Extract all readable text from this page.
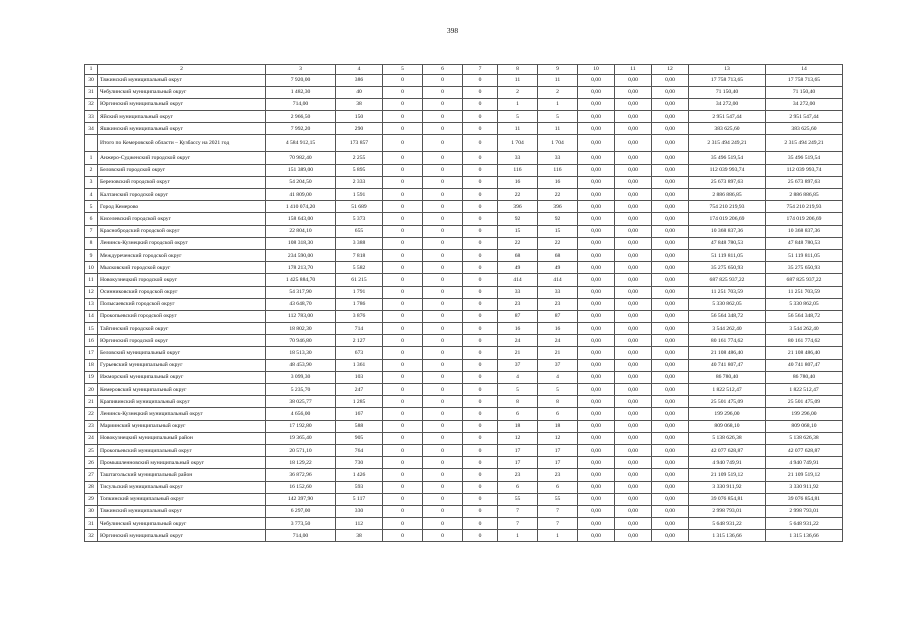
398
1	2	3	4	5	6	7	8	9	10	11	12	13	14
30	Тяжинский муниципальный округ	7 920,00	386	0	0	0	11	11	0,00	0,00	0,00	17 758 713,65	17 758 713,65
31	Чебулинский муниципальный округ	1 482,30	40	0	0	0	2	2	0,00	0,00	0,00	71 150,40	71 150,40
32	Юргинский муниципальный округ	714,00	38	0	0	0	1	1	0,00	0,00	0,00	34 272,00	34 272,00
33	Яйский муниципальный округ	2 966,50	150	0	0	0	5	5	0,00	0,00	0,00	2 951 547,44	2 951 547,44
34	Яшкинский муниципальный округ	7 992,20	290	0	0	0	11	11	0,00	0,00	0,00	383 625,60	383 625,60
	Итого по Кемеровской области – Кузбассу на 2021 год	4 584 912,15	173 857	0	0	0	1 704	1 704	0,00	0,00	0,00	2 315 494 249,21	2 315 494 249,21
1	Анжеро-Судженский городской округ	70 982,40	2 255	0	0	0	33	33	0,00	0,00	0,00	35 496 519,54	35 496 519,54
2	Беловский городской округ	151 389,00	5 895	0	0	0	116	116	0,00	0,00	0,00	112 039 993,74	112 039 993,74
3	Березовский городской округ	54 204,50	2 333	0	0	0	16	16	0,00	0,00	0,00	25 673 897,63	25 673 897,63
4	Калтанский городской округ	41 809,00	1 591	0	0	0	22	22	0,00	0,00	0,00	2 886 886,85	2 886 886,85
5	Город Кемерово	1 410 074,20	51 689	0	0	0	396	396	0,00	0,00	0,00	754 210 219,93	754 210 219,93
6	Киселевский городской округ	158 643,00	5 373	0	0	0	92	92	0,00	0,00	0,00	174 019 206,69	174 019 206,69
7	Краснобродский городской округ	22 804,10	655	0	0	0	15	15	0,00	0,00	0,00	10 368 837,36	10 368 837,36
8	Ленинск-Кузнецкий городской округ	108 318,30	3 388	0	0	0	22	22	0,00	0,00	0,00	47 848 780,53	47 848 780,53
9	Междуреченский городской округ	234 590,00	7 818	0	0	0	68	68	0,00	0,00	0,00	51 119 811,05	51 119 811,05
10	Мысковский городской округ	178 213,70	5 582	0	0	0	49	49	0,00	0,00	0,00	35 275 650,93	35 275 650,93
11	Новокузнецкий городской округ	1 425 884,70	61 215	0	0	0	414	414	0,00	0,00	0,00	687 825 937,22	687 825 937,22
12	Осинниковский городской округ	54 317,90	1 791	0	0	0	33	33	0,00	0,00	0,00	11 251 703,59	11 251 703,59
13	Полысаевский городской округ	43 648,70	1 786	0	0	0	23	23	0,00	0,00	0,00	5 330 862,05	5 330 862,05
14	Прокопьевский городской округ	112 783,00	3 876	0	0	0	87	87	0,00	0,00	0,00	56 564 348,72	56 564 348,72
15	Тайгинский городской округ	18 802,30	714	0	0	0	16	16	0,00	0,00	0,00	3 544 262,40	3 544 262,40
16	Юргинский городской округ	70 946,80	2 127	0	0	0	24	24	0,00	0,00	0,00	80 161 774,62	80 161 774,62
17	Беловский муниципальный округ	18 513,30	673	0	0	0	21	21	0,00	0,00	0,00	21 108 486,40	21 108 486,40
18	Гурьевский муниципальный округ	48 453,90	1 361	0	0	0	37	37	0,00	0,00	0,00	40 741 807,47	40 741 807,47
19	Ижморский муниципальный округ	3 099,30	103	0	0	0	4	4	0,00	0,00	0,00	86 780,40	86 780,40
20	Кемеровский муниципальный округ	5 235,70	247	0	0	0	5	5	0,00	0,00	0,00	1 822 512,47	1 822 512,47
21	Крапивинский муниципальный округ	38 025,77	1 285	0	0	0	8	8	0,00	0,00	0,00	25 501 475,09	25 501 475,09
22	Ленинск-Кузнецкий муниципальный округ	4 656,00	167	0	0	0	6	6	0,00	0,00	0,00	199 296,00	199 296,00
23	Мариинский муниципальный округ	17 192,80	588	0	0	0	18	18	0,00	0,00	0,00	809 068,10	809 068,10
24	Новокузнецкий муниципальный район	19 365,40	905	0	0	0	12	12	0,00	0,00	0,00	5 138 626,38	5 138 626,38
25	Прокопьевский муниципальный округ	20 571,10	764	0	0	0	17	17	0,00	0,00	0,00	42 077 628,87	42 077 628,87
26	Промышленновский муниципальный округ	18 129,22	730	0	0	0	17	17	0,00	0,00	0,00	4 940 749,91	4 940 749,91
27	Таштагольский муниципальный район	36 872,96	1 426	0	0	0	23	23	0,00	0,00	0,00	21 109 519,12	21 109 519,12
28	Тисульский муниципальный округ	16 152,60	593	0	0	0	6	6	0,00	0,00	0,00	3 330 911,92	3 330 911,92
29	Топкинский муниципальный округ	142 397,90	5 117	0	0	0	55	55	0,00	0,00	0,00	39 076 854,81	39 076 854,81
30	Тяжинский муниципальный округ	6 297,00	330	0	0	0	7	7	0,00	0,00	0,00	2 998 793,01	2 998 793,01
31	Чебулинский муниципальный округ	3 773,50	112	0	0	0	7	7	0,00	0,00	0,00	5 648 931,22	5 648 931,22
32	Юргинский муниципальный округ	714,00	38	0	0	0	1	1	0,00	0,00	0,00	1 315 136,66	1 315 136,66
